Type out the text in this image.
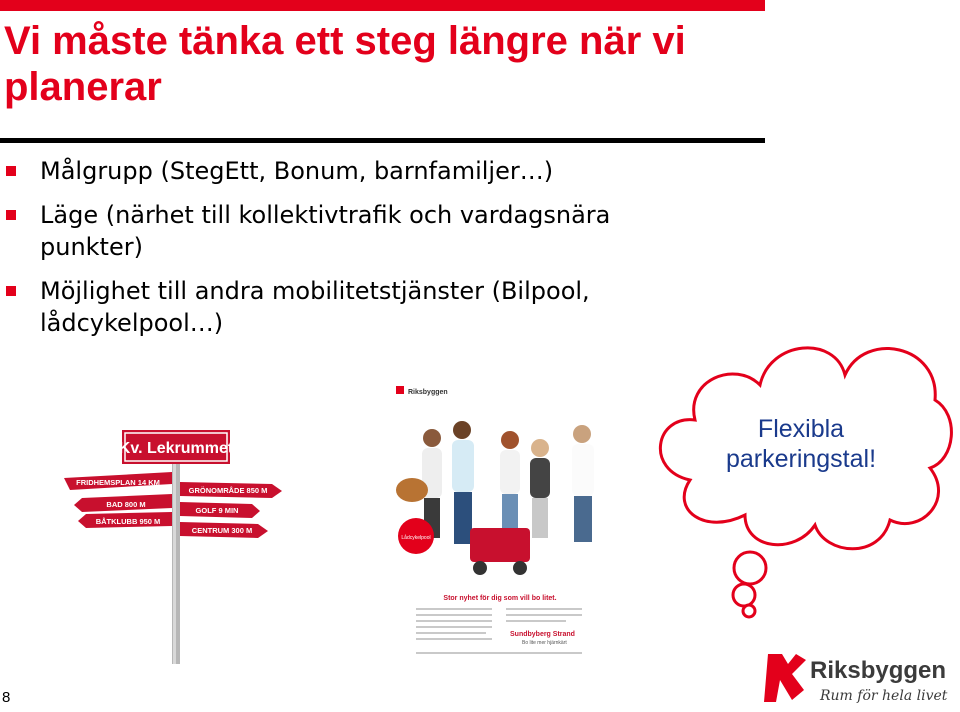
Vi måste tänka ett steg längre när vi planerar
Målgrupp (StegEtt, Bonum, barnfamiljer…)
Läge (närhet till kollektivtrafik och vardagsnära punkter)
Möjlighet till andra mobilitetstjänster (Bilpool, lådcykelpool…)
Kv. Lekrummet
FRIDHEMSPLAN 14 KM
GRÖNOMRÅDE 850 M
BAD 800 M
GOLF 9 MIN
BÅTKLUBB 950 M
CENTRUM 300 M
Riksbyggen
Lådcykelpool
Stor nyhet för dig som vill bo litet.
Sundbyberg Strand
Bo lite mer hjärnkärt
Flexibla parkeringstal!
Riksbyggen
Rum för hela livet
8
